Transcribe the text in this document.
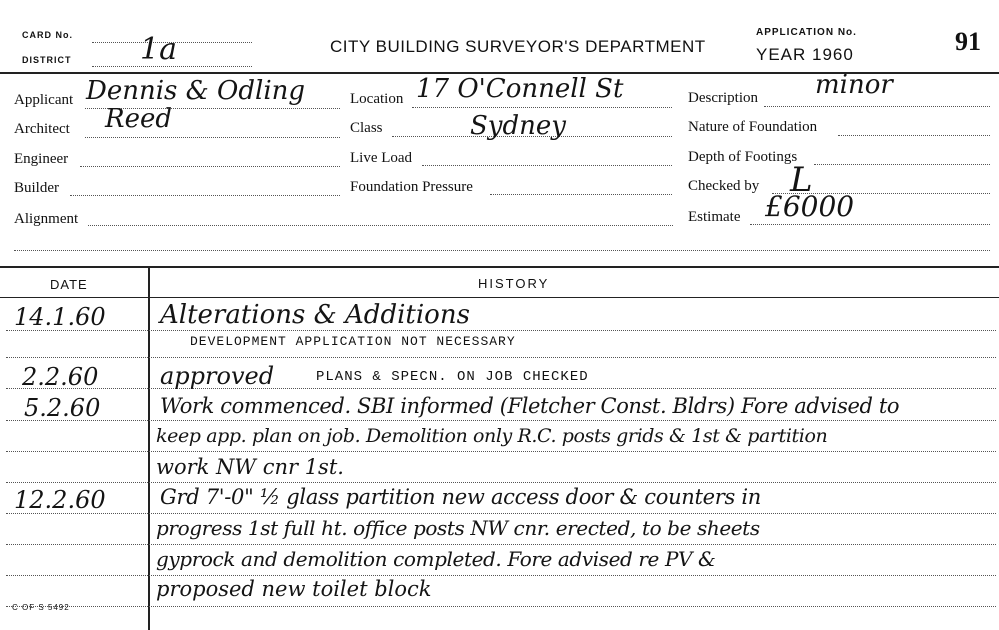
CARD No.
DISTRICT 1a	CITY BUILDING SURVEYOR'S DEPARTMENT
APPLICATION No.
YEAR 1960	91
Applicant Dennis & Odling
Architect Reed
Engineer
Builder
Alignment
Location 17 O'Connell St
Class	Sydney
Live Load
Foundation Pressure
Description minor
Nature of Foundation
Depth of Footings
Checked by L
Estimate £6000
DATE	HISTORY
14.1.60 Alterations & Additions
DEVELOPMENT APPLICATION NOT NECESSARY
2.2.60	approved	PLANS & SPECN. ON JOB CHECKED
5.2.60	Work commenced. SBI informed (Fletcher Const. Bldrs) Fore advised to
keep app. plan on job. Demolition only R.C. posts grids & 1st & partition
work NW cnr 1st.
12.2.60	Grd 7'-0" ½ glass partition new access door & counters in
progress 1st full ht. office posts NW cnr. erected, to be sheets
gyprock and demolition completed. Fore advised re PV &
proposed new toilet block
C OF S 5492
